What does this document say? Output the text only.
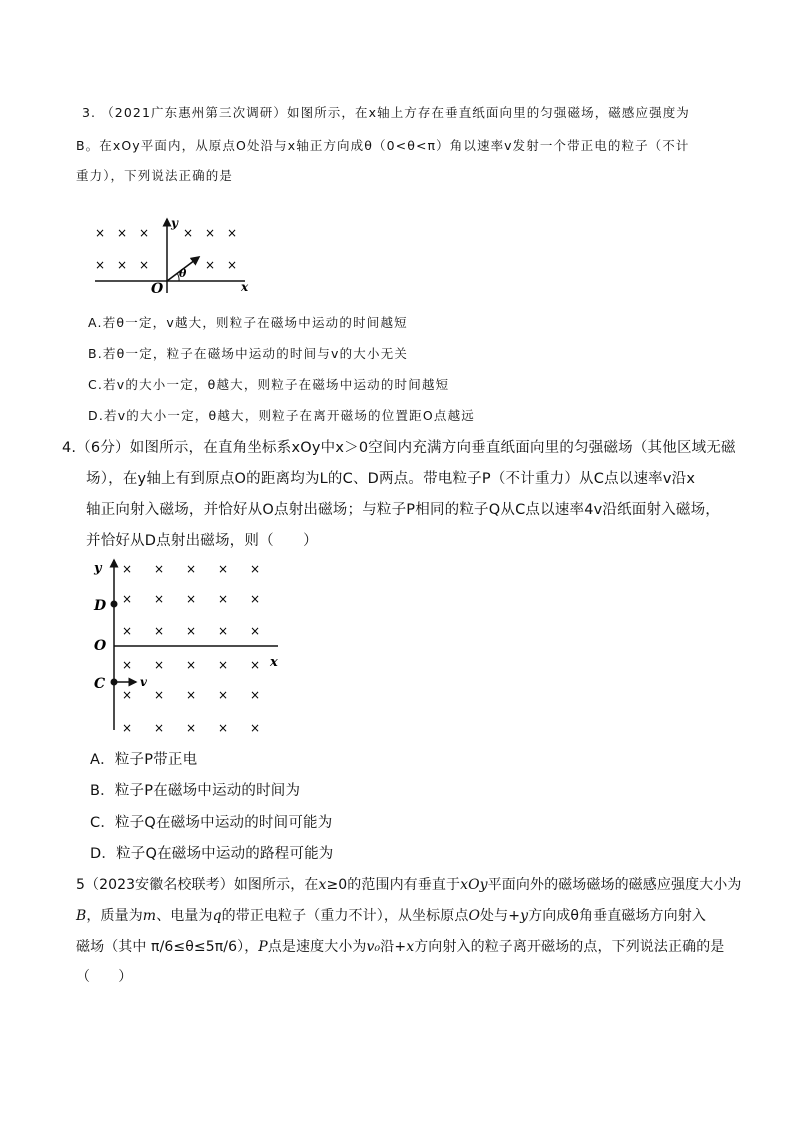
3. （2021广东惠州第三次调研）如图所示，在x轴上方存在垂直纸面向里的匀强磁场，磁感应强度为
B。在xOy平面内，从原点O处沿与x轴正方向成θ（0<θ<π）角以速率v发射一个带正电的粒子（不计
重力），下列说法正确的是
× × ×	× × ×
× × ×	× ×
y
O	x
θ
A.若θ一定，v越大，则粒子在磁场中运动的时间越短
B.若θ一定，粒子在磁场中运动的时间与v的大小无关
C.若v的大小一定，θ越大，则粒子在磁场中运动的时间越短
D.若v的大小一定，θ越大，则粒子在离开磁场的位置距O点越远
4.（6分）如图所示，在直角坐标系xOy中x＞0空间内充满方向垂直纸面向里的匀强磁场（其他区域无磁
场），在y轴上有到原点O的距离均为L的C、D两点。带电粒子P（不计重力）从C点以速率v沿x
轴正向射入磁场，并恰好从O点射出磁场；与粒子P相同的粒子Q从C点以速率4v沿纸面射入磁场，
并恰好从D点射出磁场，则（　　）
× × × × ×
× × × × ×
× × × × ×
× × × × ×
× × × × ×
× × × × ×
y
D
O
C
x
v
A．粒子P带正电
B．粒子P在磁场中运动的时间为
C．粒子Q在磁场中运动的时间可能为
D．粒子Q在磁场中运动的路程可能为
5（2023安徽名校联考）如图所示，在x≥0的范围内有垂直于xOy平面向外的磁场磁场的磁感应强度大小为
B，质量为m、电量为q的带正电粒子（重力不计），从坐标原点O处与+y方向成θ角垂直磁场方向射入
磁场（其中 π/6≤θ≤5π/6），P点是速度大小为v₀沿+x方向射入的粒子离开磁场的点，下列说法正确的是
（　　）
